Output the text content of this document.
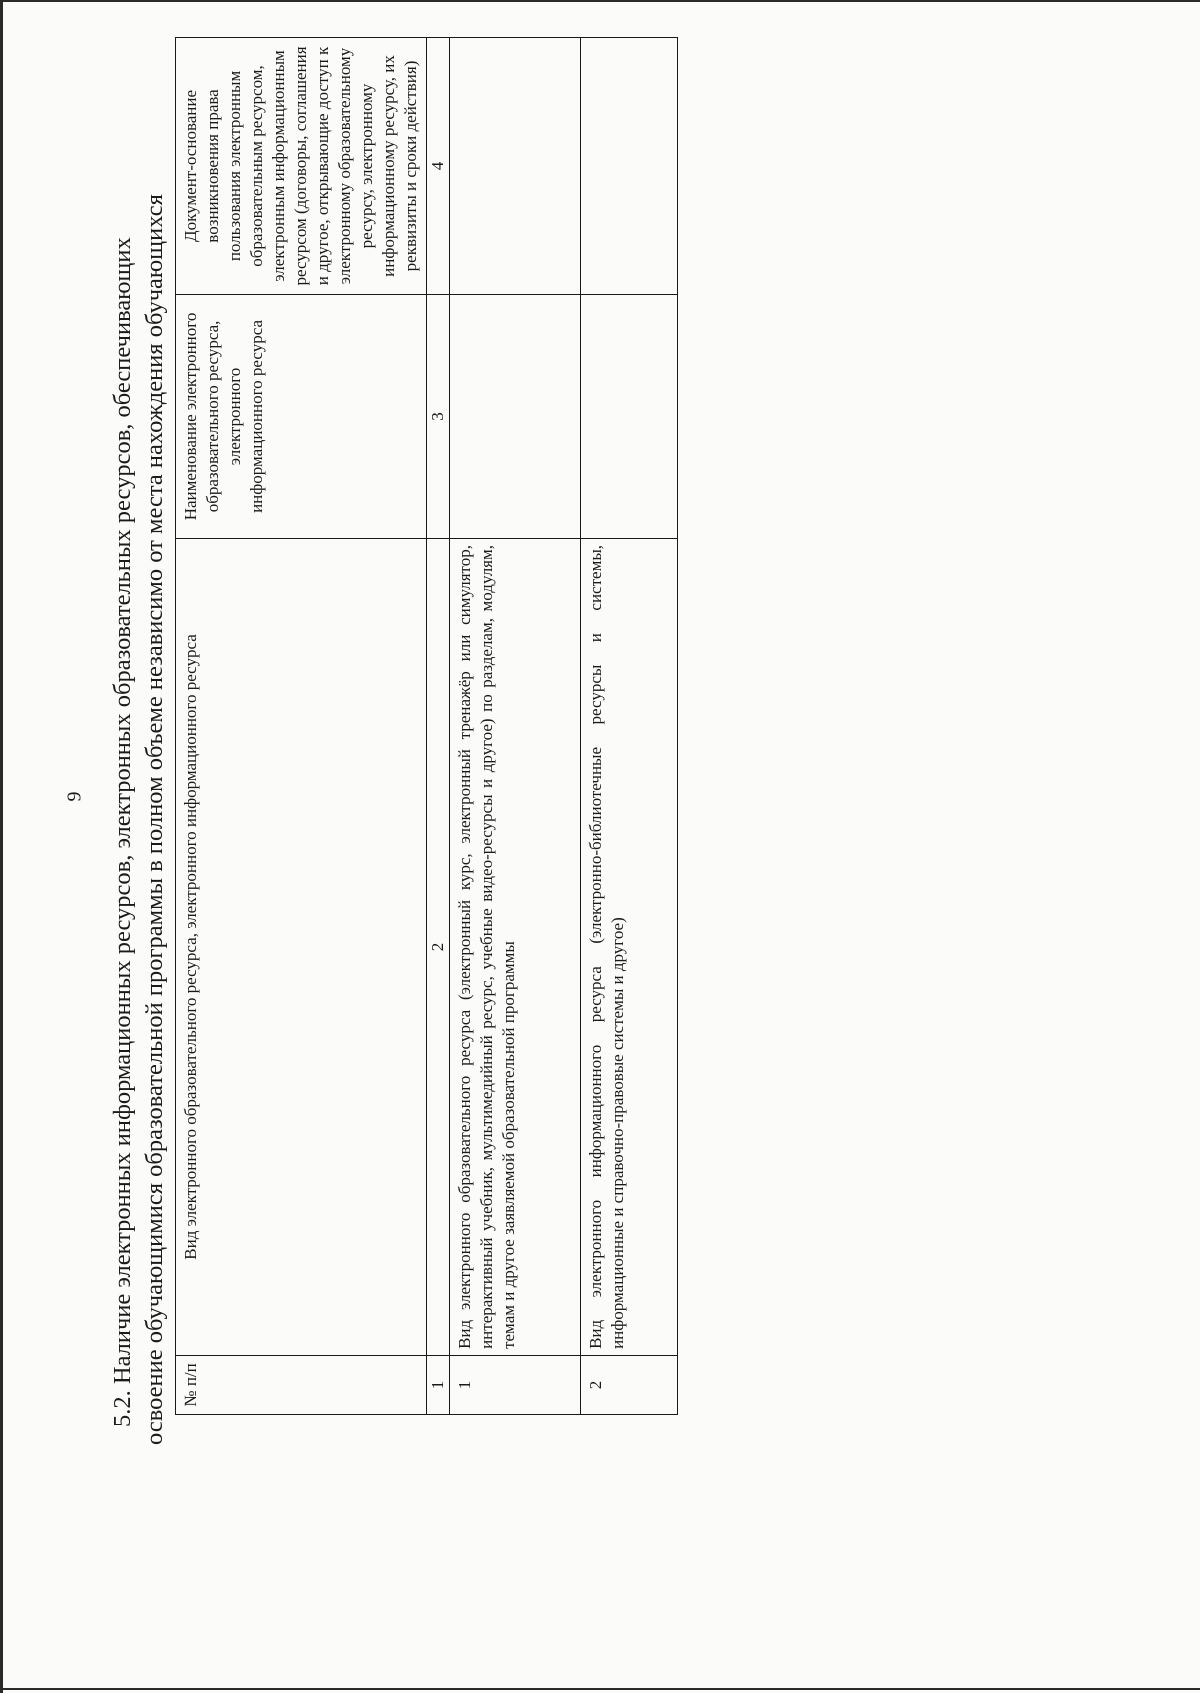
9 5.2. Наличие электронных информационных ресурсов, электронных образовательных ресурсов, обеспечивающих освоение обучающимися образовательной программы в полном объеме независимо от места нахождения обучающихся № п/п	Вид электронного образовательного ресурса, электронного информационного ресурса	Наименование электронного образовательного ресурса, электронного информационного ресурса	Документ-основание возникновения права пользования электронным образовательным ресурсом, электронным информационным ресурсом (договоры, соглашения и другое, открывающие доступ к электронному образовательному ресурсу, электронному информационному ресурсу, их реквизиты и сроки действия)
1	2	3	4
1	Вид электронного образовательного ресурса (электронный курс, электронный тренажёр или симулятор, интерактивный учебник, мультимедийный ресурс, учебные видео-ресурсы и другое) по разделам, модулям, темам и другое заявляемой образовательной программы		
2	Вид электронного информационного ресурса (электронно-библиотечные ресурсы и системы, информационные и справочно-правовые системы и другое)		
